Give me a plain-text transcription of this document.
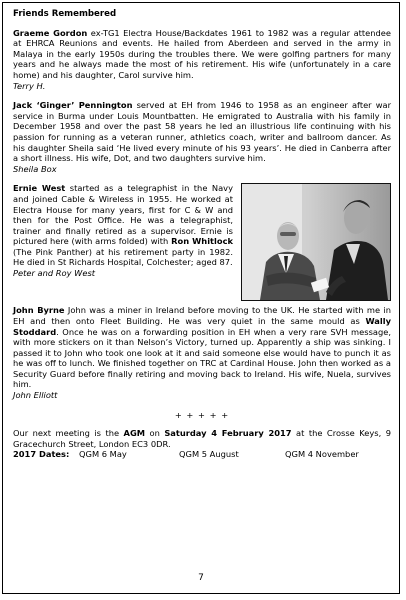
Friends Remembered

Graeme Gordon ex-TG1 Electra House/Backdates 1961 to 1982 was a regular attendee at EHRCA Reunions and events. He hailed from Aberdeen and served in the army in Malaya in the early 1950s during the troubles there. We were golfing partners for many years and he always made the most of his retirement. His wife (unfortunately in a care home) and his daughter, Carol survive him.

Terry H.

Jack ‘Ginger’ Pennington served at EH from 1946 to 1958 as an engineer after war service in Burma under Louis Mountbatten. He emigrated to Australia with his family in December 1958 and over the past 58 years he led an illustrious life continuing with his passion for running as a veteran runner, athletics coach, writer and ballroom dancer. As his daughter Sheila said ‘He lived every minute of his 93 years’. He died in Canberra after a short illness. His wife, Dot, and two daughters survive him.

Sheila Box

Ernie West started as a telegraphist in the Navy and joined Cable & Wireless in 1955. He worked at Electra House for many years, first for C & W and then for the Post Office. He was a telegraphist, trainer and finally retired as a supervisor. Ernie is pictured here (with arms folded) with Ron Whitlock (The Pink Panther) at his retirement party in 1982. He died in St Richards Hospital, Colchester; aged 87.

Peter and Roy West

John Byrne John was a miner in Ireland before moving to the UK. He started with me in EH and then onto Fleet Building. He was very quiet in the same mould as Wally Stoddard. Once he was on a forwarding position in EH when a very rare SVH message, with more stickers on it than Nelson’s Victory, turned up. Apparently a ship was sinking. I passed it to John who took one look at it and said someone else would have to punch it as he was off to lunch. We finished together on TRC at Cardinal House. John then worked as a Security Guard before finally retiring and moving back to Ireland. His wife, Nuela, survives him.

John Elliott
+ + + + +

Our next meeting is the AGM on Saturday 4 February 2017 at the Crosse Keys, 9 Gracechurch Street, London EC3 0DR.

2017 Dates:	QGM 6 May	QGM 5 August	QGM 4 November
7
